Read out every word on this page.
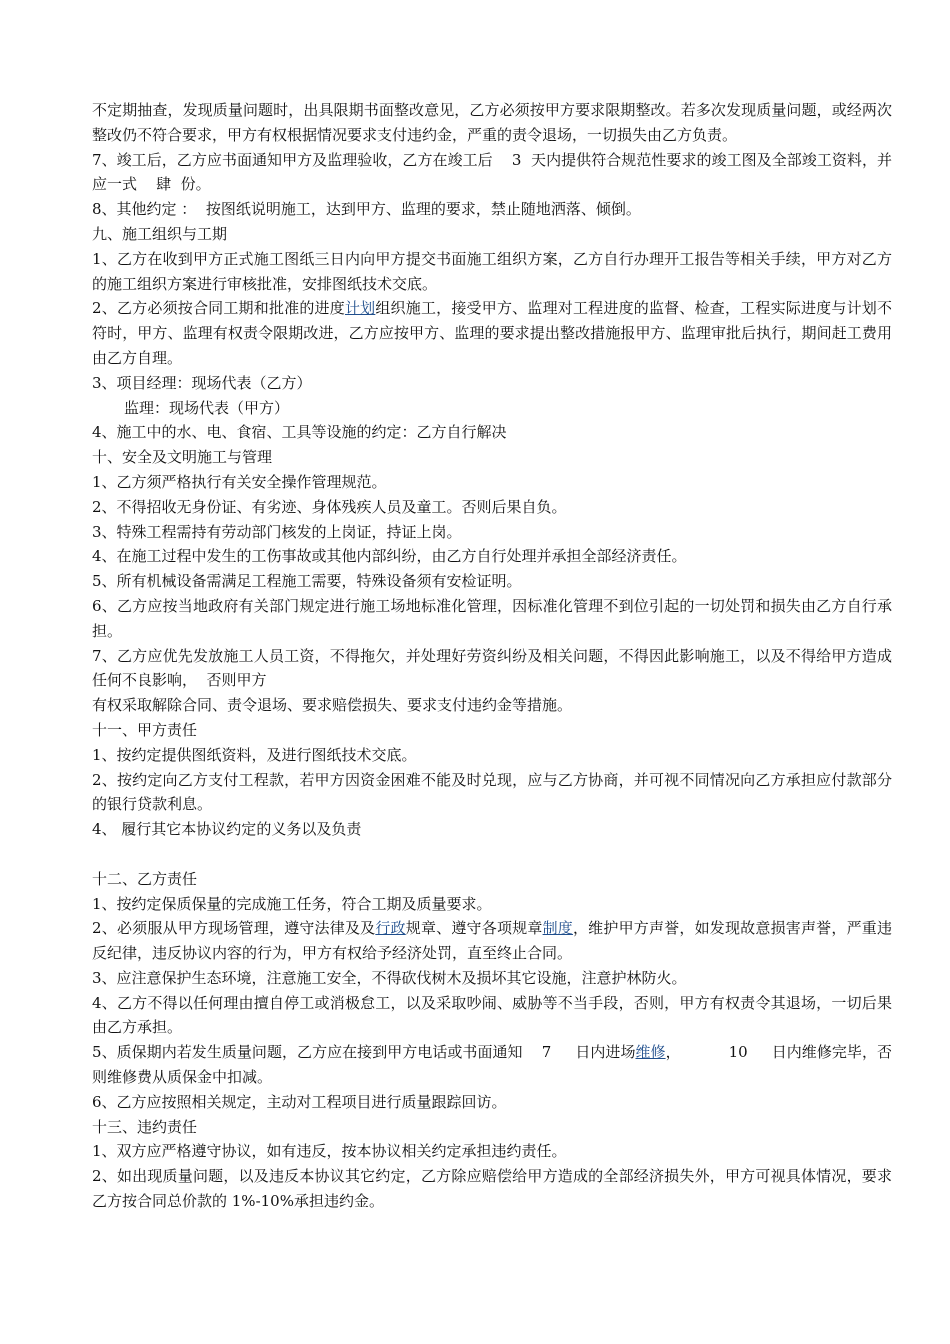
不定期抽查，发现质量问题时，出具限期书面整改意见，乙方必须按甲方要求限期整改。若多次发现质量问题，或经两次整改仍不符合要求，甲方有权根据情况要求支付违约金，严重的责令退场，一切损失由乙方负责。

7、竣工后，乙方应书面通知甲方及监理验收，乙方在竣工后    3  天内提供符合规范性要求的竣工图及全部竣工资料，并应一式    肆  份。

8、其他约定 ：  按图纸说明施工，达到甲方、监理的要求，禁止随地洒落、倾倒。

九、施工组织与工期

1、乙方在收到甲方正式施工图纸三日内向甲方提交书面施工组织方案，乙方自行办理开工报告等相关手续，甲方对乙方的施工组织方案进行审核批准，安排图纸技术交底。

2、乙方必须按合同工期和批准的进度计划组织施工，接受甲方、监理对工程进度的监督、检查，工程实际进度与计划不符时，甲方、监理有权责令限期改进，乙方应按甲方、监理的要求提出整改措施报甲方、监理审批后执行，期间赶工费用由乙方自理。

3、项目经理：现场代表（乙方）

监理：现场代表（甲方）

4、施工中的水、电、食宿、工具等设施的约定：乙方自行解决

十、安全及文明施工与管理

1、乙方须严格执行有关安全操作管理规范。

2、不得招收无身份证、有劣迹、身体残疾人员及童工。否则后果自负。

3、特殊工程需持有劳动部门核发的上岗证，持证上岗。

4、在施工过程中发生的工伤事故或其他内部纠纷，由乙方自行处理并承担全部经济责任。

5、所有机械设备需满足工程施工需要，特殊设备须有安检证明。

6、乙方应按当地政府有关部门规定进行施工场地标准化管理，因标准化管理不到位引起的一切处罚和损失由乙方自行承担。

7、乙方应优先发放施工人员工资，不得拖欠，并处理好劳资纠纷及相关问题，不得因此影响施工，以及不得给甲方造成任何不良影响，  否则甲方

有权采取解除合同、责令退场、要求赔偿损失、要求支付违约金等措施。

十一、甲方责任

1、按约定提供图纸资料，及进行图纸技术交底。

2、按约定向乙方支付工程款，若甲方因资金困难不能及时兑现，应与乙方协商，并可视不同情况向乙方承担应付款部分的银行贷款利息。

4、 履行其它本协议约定的义务以及负责

十二、乙方责任

1、按约定保质保量的完成施工任务，符合工期及质量要求。

2、必须服从甲方现场管理，遵守法律及及行政规章、遵守各项规章制度，维护甲方声誉，如发现故意损害声誉，严重违反纪律，违反协议内容的行为，甲方有权给予经济处罚，直至终止合同。

3、应注意保护生态环境，注意施工安全，不得砍伐树木及损坏其它设施，注意护林防火。

4、乙方不得以任何理由擅自停工或消极怠工，以及采取吵闹、威胁等不当手段，否则，甲方有权责令其退场，一切后果由乙方承担。

5、质保期内若发生质量问题，乙方应在接到甲方电话或书面通知    7     日内进场维修，          10     日内维修完毕，否则维修费从质保金中扣减。

6、乙方应按照相关规定，主动对工程项目进行质量跟踪回访。

十三、违约责任

1、双方应严格遵守协议，如有违反，按本协议相关约定承担违约责任。

2、如出现质量问题，以及违反本协议其它约定，乙方除应赔偿给甲方造成的全部经济损失外，甲方可视具体情况，要求乙方按合同总价款的 1%-10%承担违约金。
